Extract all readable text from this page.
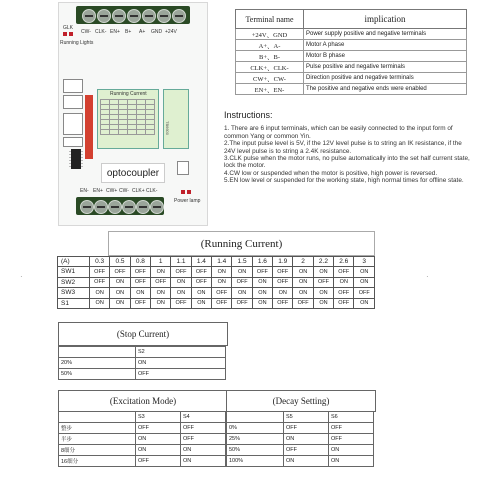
CW- CLK- EN+ B+ A+ GND +24V
GLK
Running Lights
Running Current

optocoupler
TB6600
Power lamp
EN- EN+ CW+ CW- CLK+ CLK-
Terminal name	implication
+24V、GND	Power supply positive and negative terminals
A+、A-	Motor A phase
B+、B-	Motor B phase
CLK+、CLK-	Pulse positive and negative terminals
CW+、CW-	Direction positive and negative terminals
EN+、EN-	The positive and negative ends were enabled
Instructions:

1. There are 6 input terminals, which can be easily connected to the input form of common Yang or common Yin.

2.The input pulse level is 5V, if the 12V level pulse is to string an IK resistance, if the 24V level pulse is to string a 2.4K resistance.

3.CLK pulse when the motor runs, no pulse automatically into the set half current state, lock the motor.

4.CW low or suspended when the motor is positive, high power is reversed.

5.EN low level or suspended for the working state, high normal times for offline state.

(Running Current)
(A)	0.3	0.5	0.8	1	1.1	1.4	1.4	1.5	1.6	1.9	2	2.2	2.6	3
SW1	OFF	OFF	OFF	ON	OFF	OFF	ON	ON	OFF	OFF	ON	ON	OFF	ON
SW2	OFF	ON	OFF	OFF	ON	OFF	ON	OFF	ON	OFF	ON	OFF	ON	ON
SW3	ON	ON	ON	ON	ON	ON	OFF	ON	ON	ON	ON	ON	OFF	OFF
S1	ON	ON	OFF	ON	OFF	ON	OFF	OFF	ON	OFF	OFF	ON	OFF	ON
(Stop Current)
	S2
20%	ON
50%	OFF
(Excitation Mode)
	S3	S4
整步	OFF	OFF
半步	ON	OFF
8细分	ON	ON
16细分	OFF	ON
(Decay Setting)
	S5	S6
0%	OFF	OFF
25%	ON	OFF
50%	OFF	ON
100%	ON	ON
·	·
